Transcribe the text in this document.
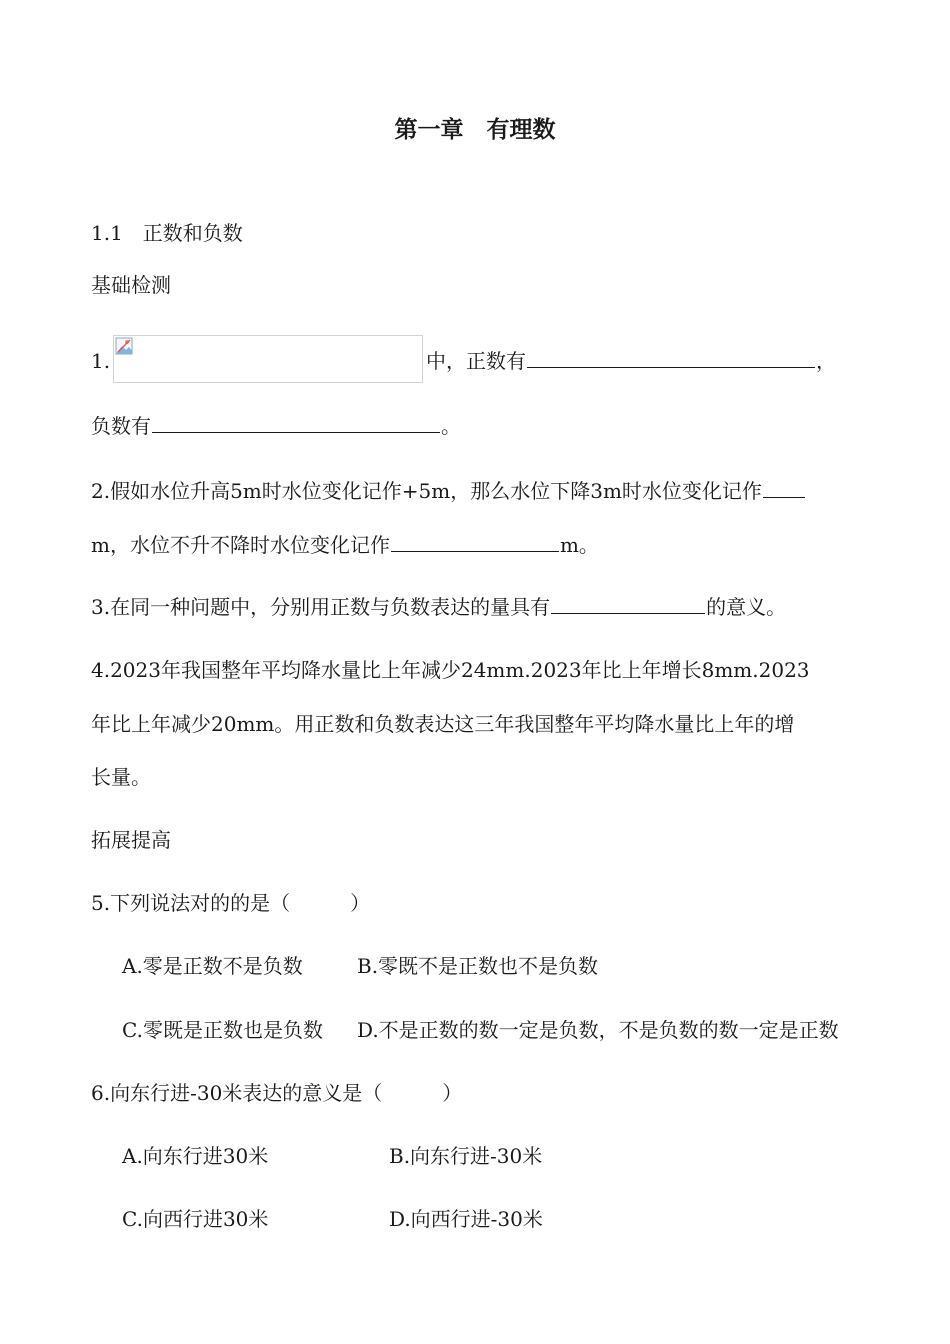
第一章　有理数
1.1　正数和负数
基础检测
1.	中，正数有	，
负数有	。
2.假如水位升高5m时水位变化记作+5m，那么水位下降3m时水位变化记作
m，水位不升不降时水位变化记作	m。
3.在同一种问题中，分别用正数与负数表达的量具有	的意义。
4.2023年我国整年平均降水量比上年减少24mm.2023年比上年增长8mm.2023
年比上年减少20mm。用正数和负数表达这三年我国整年平均降水量比上年的增
长量。
拓展提高
5.下列说法对的的是（　　　）
A.零是正数不是负数	B.零既不是正数也不是负数
C.零既是正数也是负数 D.不是正数的数一定是负数，不是负数的数一定是正数
6.向东行进-30米表达的意义是（　　　）
A.向东行进30米	B.向东行进-30米
C.向西行进30米	D.向西行进-30米
